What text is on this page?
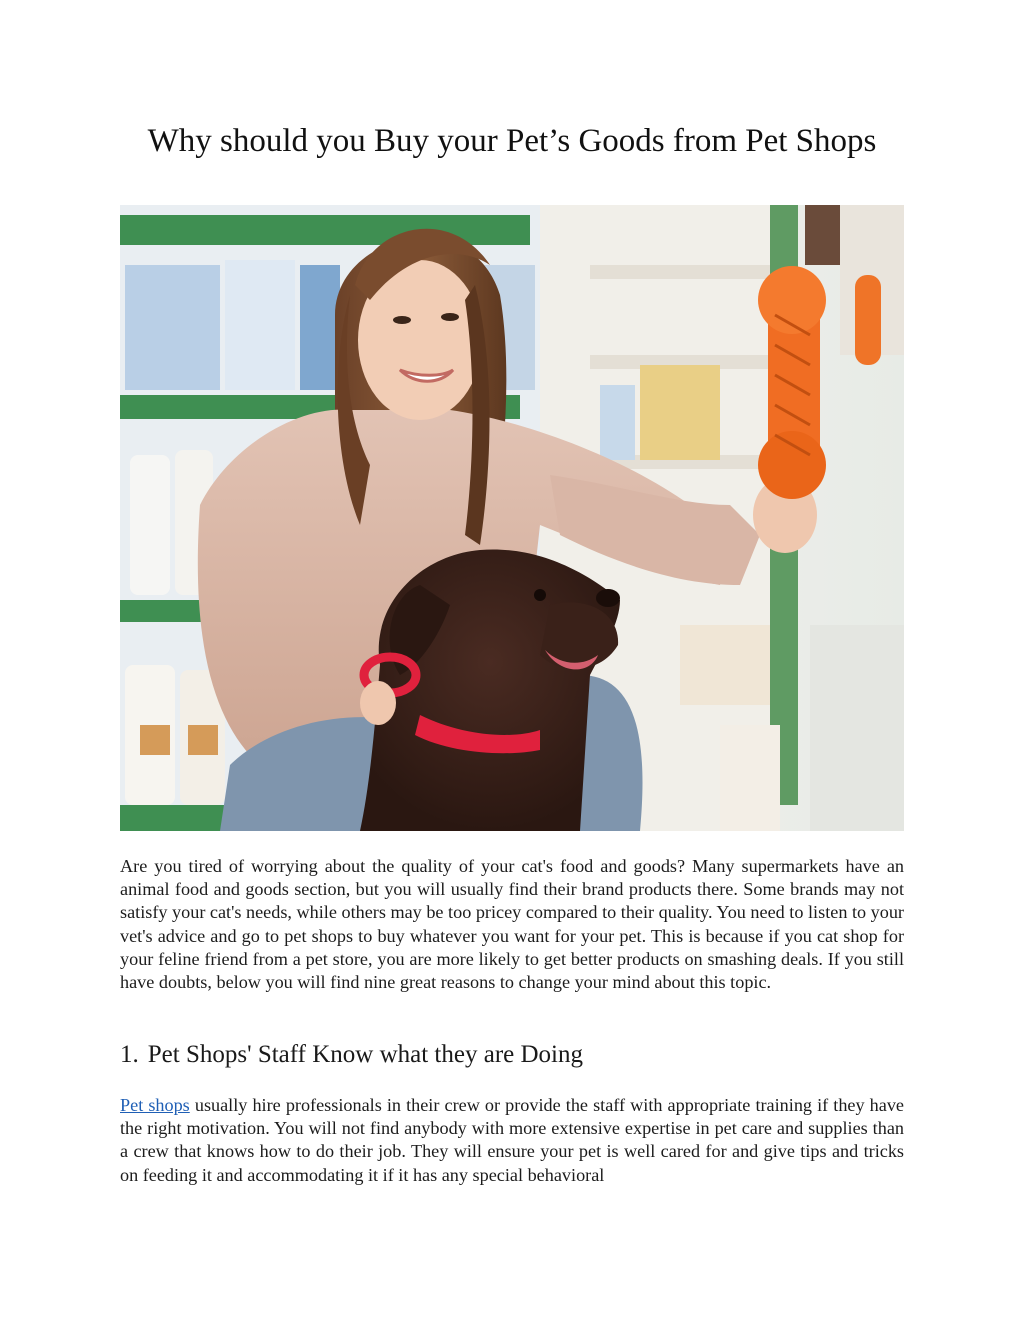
Why should you Buy your Pet’s Goods from Pet Shops

Are you tired of worrying about the quality of your cat's food and goods? Many supermarkets have an animal food and goods section, but you will usually find their brand products there. Some brands may not satisfy your cat's needs, while others may be too pricey compared to their quality. You need to listen to your vet's advice and go to pet shops to buy whatever you want for your pet. This is because if you cat shop for your feline friend from a pet store, you are more likely to get better products on smashing deals. If you still have doubts, below you will find nine great reasons to change your mind about this topic.

1. Pet Shops' Staff Know what they are Doing

Pet shops usually hire professionals in their crew or provide the staff with appropriate training if they have the right motivation. You will not find anybody with more extensive expertise in pet care and supplies than a crew that knows how to do their job. They will ensure your pet is well cared for and give tips and tricks on feeding it and accommodating it if it has any special behavioral
